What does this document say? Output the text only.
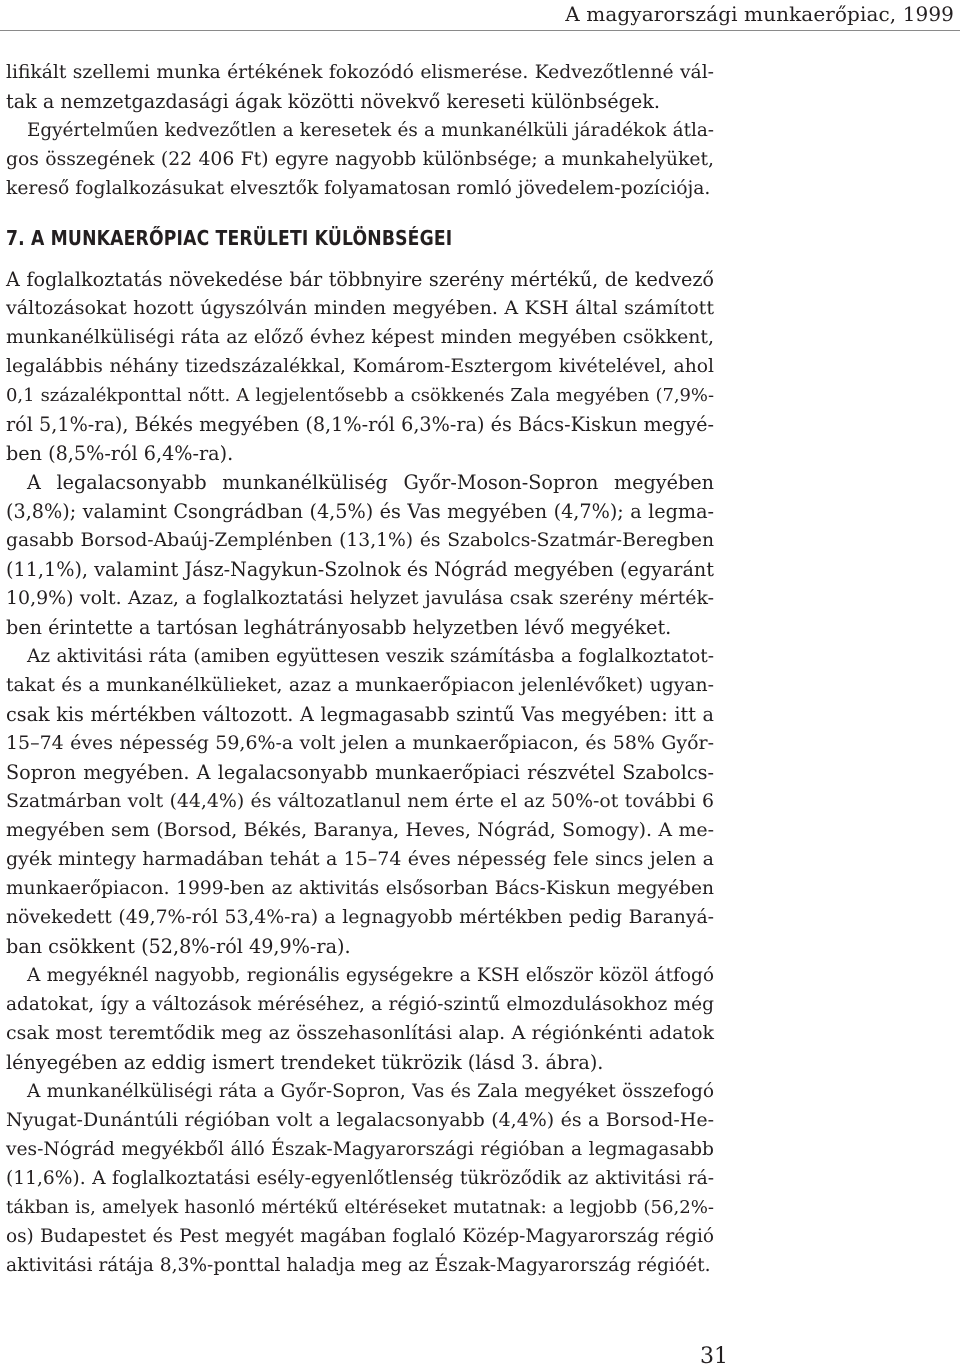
A magyarországi munkaerőpiac, 1999
lifikált szellemi munka értékének fokozódó elismerése. Kedvezőtlenné vál-
tak a nemzetgazdasági ágak közötti növekvő kereseti különbségek.
Egyértelműen kedvezőtlen a keresetek és a munkanélküli járadékok átla-
gos összegének (22 406 Ft) egyre nagyobb különbsége; a munkahelyüket,
kereső foglalkozásukat elvesztők folyamatosan romló jövedelem-pozíciója.
7. A MUNKAERŐPIAC TERÜLETI KÜLÖNBSÉGEI
A foglalkoztatás növekedése bár többnyire szerény mértékű, de kedvező
változásokat hozott úgyszólván minden megyében. A KSH által számított
munkanélküliségi ráta az előző évhez képest minden megyében csökkent,
legalábbis néhány tizedszázalékkal, Komárom-Esztergom kivételével, ahol
0,1 százalékponttal nőtt. A legjelentősebb a csökkenés Zala megyében (7,9%-
ról 5,1%-ra), Békés megyében (8,1%-ról 6,3%-ra) és Bács-Kiskun megyé-
ben (8,5%-ról 6,4%-ra).
A legalacsonyabb munkanélküliség Győr-Moson-Sopron megyében
(3,8%); valamint Csongrádban (4,5%) és Vas megyében (4,7%); a legma-
gasabb Borsod-Abaúj-Zemplénben (13,1%) és Szabolcs-Szatmár-Beregben
(11,1%), valamint Jász-Nagykun-Szolnok és Nógrád megyében (egyaránt
10,9%) volt. Azaz, a foglalkoztatási helyzet javulása csak szerény mérték-
ben érintette a tartósan leghátrányosabb helyzetben lévő megyéket.
Az aktivitási ráta (amiben együttesen veszik számításba a foglalkoztatot-
takat és a munkanélkülieket, azaz a munkaerőpiacon jelenlévőket) ugyan-
csak kis mértékben változott. A legmagasabb szintű Vas megyében: itt a
15–74 éves népesség 59,6%-a volt jelen a munkaerőpiacon, és 58% Győr-
Sopron megyében. A legalacsonyabb munkaerőpiaci részvétel Szabolcs-
Szatmárban volt (44,4%) és változatlanul nem érte el az 50%-ot további 6
megyében sem (Borsod, Békés, Baranya, Heves, Nógrád, Somogy). A me-
gyék mintegy harmadában tehát a 15–74 éves népesség fele sincs jelen a
munkaerőpiacon. 1999-ben az aktivitás elsősorban Bács-Kiskun megyében
növekedett (49,7%-ról 53,4%-ra) a legnagyobb mértékben pedig Baranyá-
ban csökkent (52,8%-ról 49,9%-ra).
A megyéknél nagyobb, regionális egységekre a KSH először közöl átfogó
adatokat, így a változások méréséhez, a régió-szintű elmozdulásokhoz még
csak most teremtődik meg az összehasonlítási alap. A régiónkénti adatok
lényegében az eddig ismert trendeket tükrözik (lásd 3. ábra).
A munkanélküliségi ráta a Győr-Sopron, Vas és Zala megyéket összefogó
Nyugat-Dunántúli régióban volt a legalacsonyabb (4,4%) és a Borsod-He-
ves-Nógrád megyékből álló Észak-Magyarországi régióban a legmagasabb
(11,6%). A foglalkoztatási esély-egyenlőtlenség tükröződik az aktivitási rá-
tákban is, amelyek hasonló mértékű eltéréseket mutatnak: a legjobb (56,2%-
os) Budapestet és Pest megyét magában foglaló Közép-Magyarország régió
aktivitási rátája 8,3%-ponttal haladja meg az Észak-Magyarország régióét.
31
